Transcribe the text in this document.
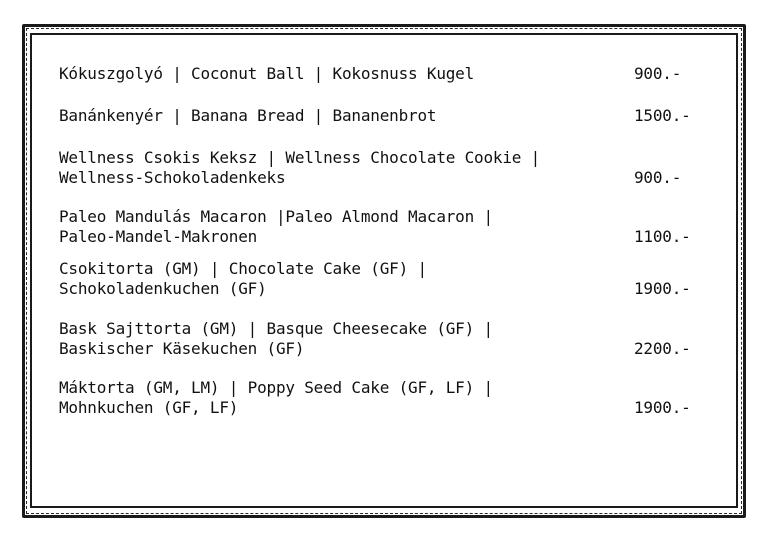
Kókuszgolyó | Coconut Ball | Kokosnuss Kugel	900.-
Banánkenyér | Banana Bread | Bananenbrot	1500.-
Wellness Csokis Keksz | Wellness Chocolate Cookie |
Wellness-Schokoladenkeks	900.-
Paleo Mandulás Macaron |Paleo Almond Macaron |
Paleo-Mandel-Makronen	1100.-
Csokitorta (GM) | Chocolate Cake (GF) |
Schokoladenkuchen (GF)	1900.-
Bask Sajttorta (GM) | Basque Cheesecake (GF) |
Baskischer Käsekuchen (GF)	2200.-
Máktorta (GM, LM) | Poppy Seed Cake (GF, LF) |
Mohnkuchen (GF, LF)	1900.-
